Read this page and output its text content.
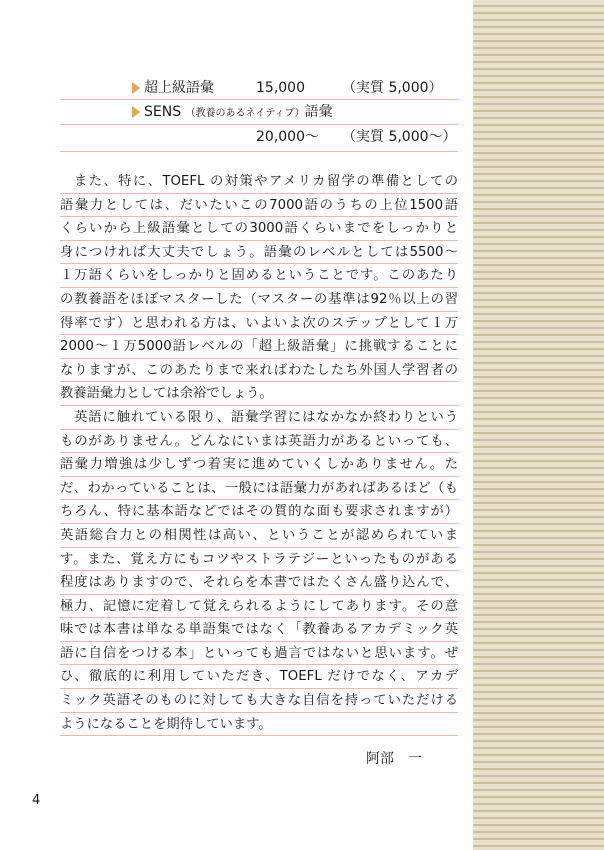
超上級語彙	15,000	（実質 5,000）
SENS （教養のあるネイティブ）語彙
20,000〜 （実質 5,000〜）
また、特に、TOEFL の対策やアメリカ留学の準備としての
語彙力としては、だいたいこの7000語のうちの上位1500語
くらいから上級語彙としての3000語くらいまでをしっかりと
身につければ大丈夫でしょう。語彙のレベルとしては5500〜
１万語くらいをしっかりと固めるということです。このあたり
の教養語をほぼマスターした（マスターの基準は92％以上の習
得率です）と思われる方は、いよいよ次のステップとして１万
2000〜１万5000語レベルの「超上級語彙」に挑戦することに
なりますが、このあたりまで来ればわたしたち外国人学習者の
教養語彙力としては余裕でしょう。
英語に触れている限り、語彙学習にはなかなか終わりという
ものがありません。どんなにいまは英語力があるといっても、
語彙力増強は少しずつ着実に進めていくしかありません。た
だ、わかっていることは、一般には語彙力があればあるほど（も
ちろん、特に基本語などではその質的な面も要求されますが）
英語総合力との相関性は高い、ということが認められていま
す。また、覚え方にもコツやストラテジーといったものがある
程度はありますので、それらを本書ではたくさん盛り込んで、
極力、記憶に定着して覚えられるようにしてあります。その意
味では本書は単なる単語集ではなく「教養あるアカデミック英
語に自信をつける本」といっても過言ではないと思います。ぜ
ひ、徹底的に利用していただき、TOEFL だけでなく、アカデ
ミック英語そのものに対しても大きな自信を持っていただける
ようになることを期待しています。
阿部　一
4
